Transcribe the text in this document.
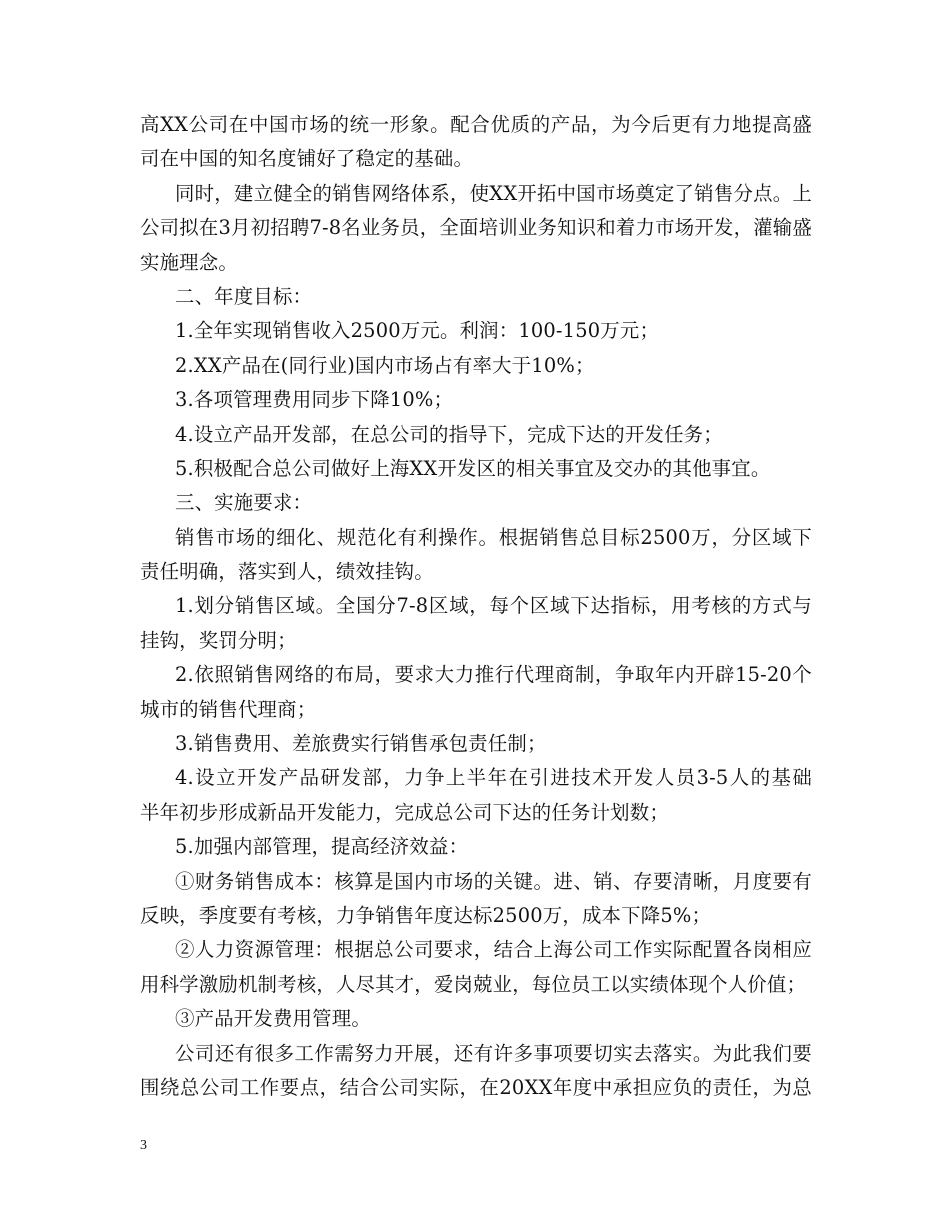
高XX公司在中国市场的统一形象。配合优质的产品，为今后更有力地提高盛
司在中国的知名度铺好了稳定的基础。
同时，建立健全的销售网络体系，使XX开拓中国市场奠定了销售分点。上
公司拟在3月初招聘7-8名业务员，全面培训业务知识和着力市场开发，灌输盛
实施理念。
二、年度目标：
1.全年实现销售收入2500万元。利润：100-150万元；
2.XX产品在(同行业)国内市场占有率大于10%；
3.各项管理费用同步下降10%；
4.设立产品开发部，在总公司的指导下，完成下达的开发任务；
5.积极配合总公司做好上海XX开发区的相关事宜及交办的其他事宜。
三、实施要求：
销售市场的细化、规范化有利操作。根据销售总目标2500万，分区域下
责任明确，落实到人，绩效挂钩。
1.划分销售区域。全国分7-8区域，每个区域下达指标，用考核的方式与
挂钩，奖罚分明；
2.依照销售网络的布局，要求大力推行代理商制，争取年内开辟15-20个
城市的销售代理商；
3.销售费用、差旅费实行销售承包责任制；
4.设立开发产品研发部，力争上半年在引进技术开发人员3-5人的基础
半年初步形成新品开发能力，完成总公司下达的任务计划数；
5.加强内部管理，提高经济效益：
①财务销售成本：核算是国内市场的关键。进、销、存要清晰，月度要有
反映，季度要有考核，力争销售年度达标2500万，成本下降5%；
②人力资源管理：根据总公司要求，结合上海公司工作实际配置各岗相应
用科学激励机制考核，人尽其才，爱岗兢业，每位员工以实绩体现个人价值；
③产品开发费用管理。
公司还有很多工作需努力开展，还有许多事项要切实去落实。为此我们要
围绕总公司工作要点，结合公司实际，在20XX年度中承担应负的责任，为总
3
